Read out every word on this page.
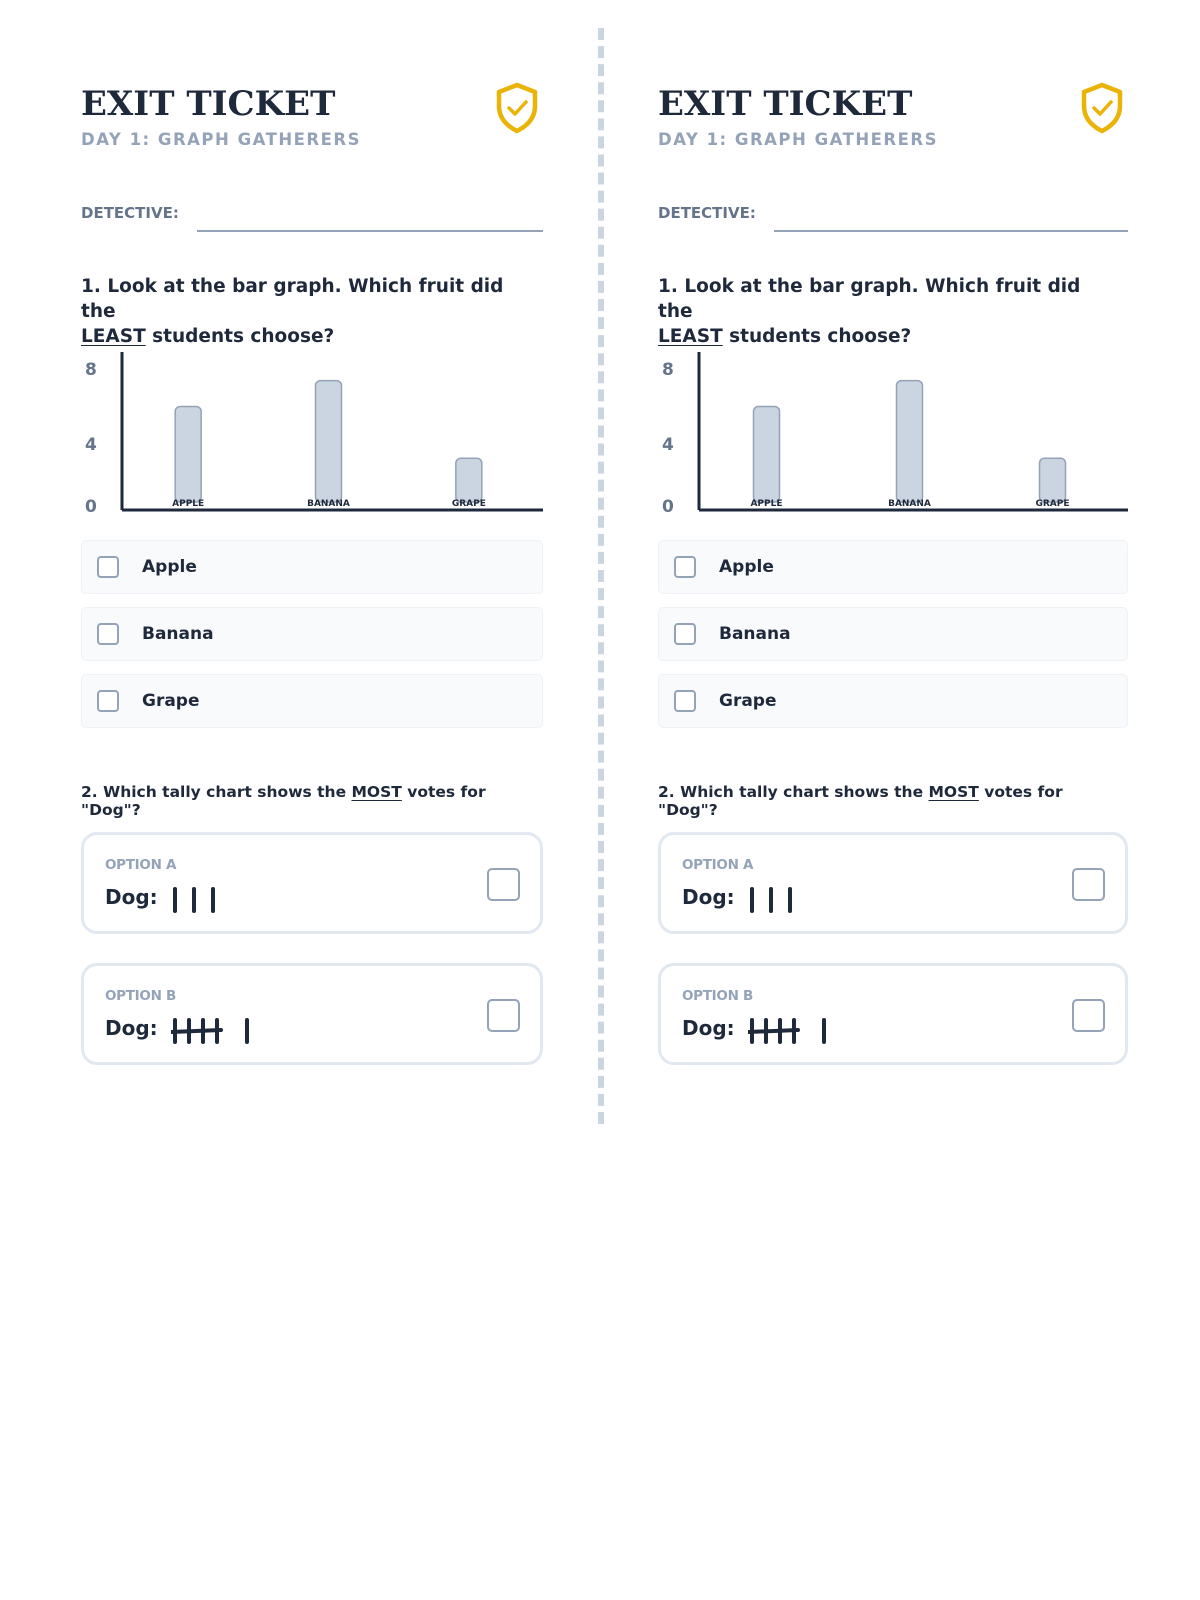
EXIT TICKET
DAY 1: GRAPH GATHERERS
DETECTIVE:
1. Look at the bar graph. Which fruit did the
LEAST students choose?
0
4
8
APPLE	BANANA	GRAPE
Apple
Banana
Grape
2. Which tally chart shows the MOST votes for "Dog"?
OPTION A
Dog:
OPTION B
Dog:
EXIT TICKET
DAY 1: GRAPH GATHERERS
DETECTIVE:
1. Look at the bar graph. Which fruit did the
LEAST students choose?
0
4
8
APPLE	BANANA	GRAPE
Apple
Banana
Grape
2. Which tally chart shows the MOST votes for "Dog"?
OPTION A
Dog:
OPTION B
Dog:
